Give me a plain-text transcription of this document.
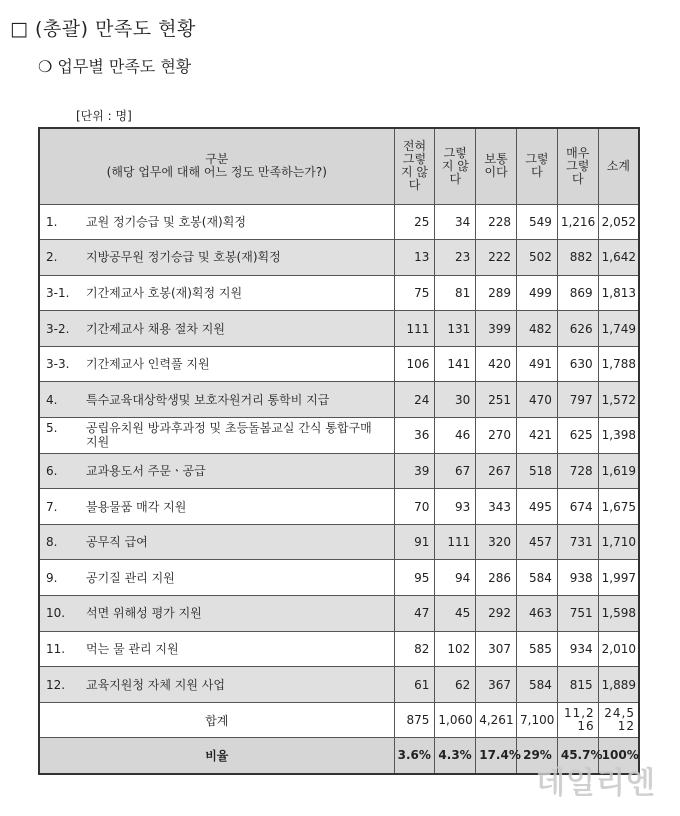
□ (총괄) 만족도 현황
❍ 업무별 만족도 현황
[단위 : 명]
구분
(해당 업무에 대해 어느 정도 만족하는가?)	전혀
그렇
지 않
다	그렇
지 않
다	보통
이다	그렇
다	매우
그렇
다	소계
1. 교원 정기승급 및 호봉(재)획정	25	34	228	549	1,216	2,052
2. 지방공무원 정기승급 및 호봉(재)획정	13	23	222	502	882	1,642
3-1. 기간제교사 호봉(재)획정 지원	75	81	289	499	869	1,813
3-2. 기간제교사 채용 절차 지원	111	131	399	482	626	1,749
3-3. 기간제교사 인력풀 지원	106	141	420	491	630	1,788
4. 특수교육대상학생및 보호자원거리 통학비 지급	24	30	251	470	797	1,572
5. 공립유치원 방과후과정 및 초등돌봄교실 간식 통합구매 지원	36	46	270	421	625	1,398
6. 교과용도서 주문ㆍ공급	39	67	267	518	728	1,619
7. 불용물품 매각 지원	70	93	343	495	674	1,675
8. 공무직 급여	91	111	320	457	731	1,710
9. 공기질 관리 지원	95	94	286	584	938	1,997
10. 석면 위해성 평가 지원	47	45	292	463	751	1,598
11. 먹는 물 관리 지원	82	102	307	585	934	2,010
12. 교육지원청 자체 지원 사업	61	62	367	584	815	1,889
합계	875	1,060	4,261	7,100	11,216	24,512
비율	3.6%	4.3%	17.4%	29%	45.7%	100%
데일리엔
